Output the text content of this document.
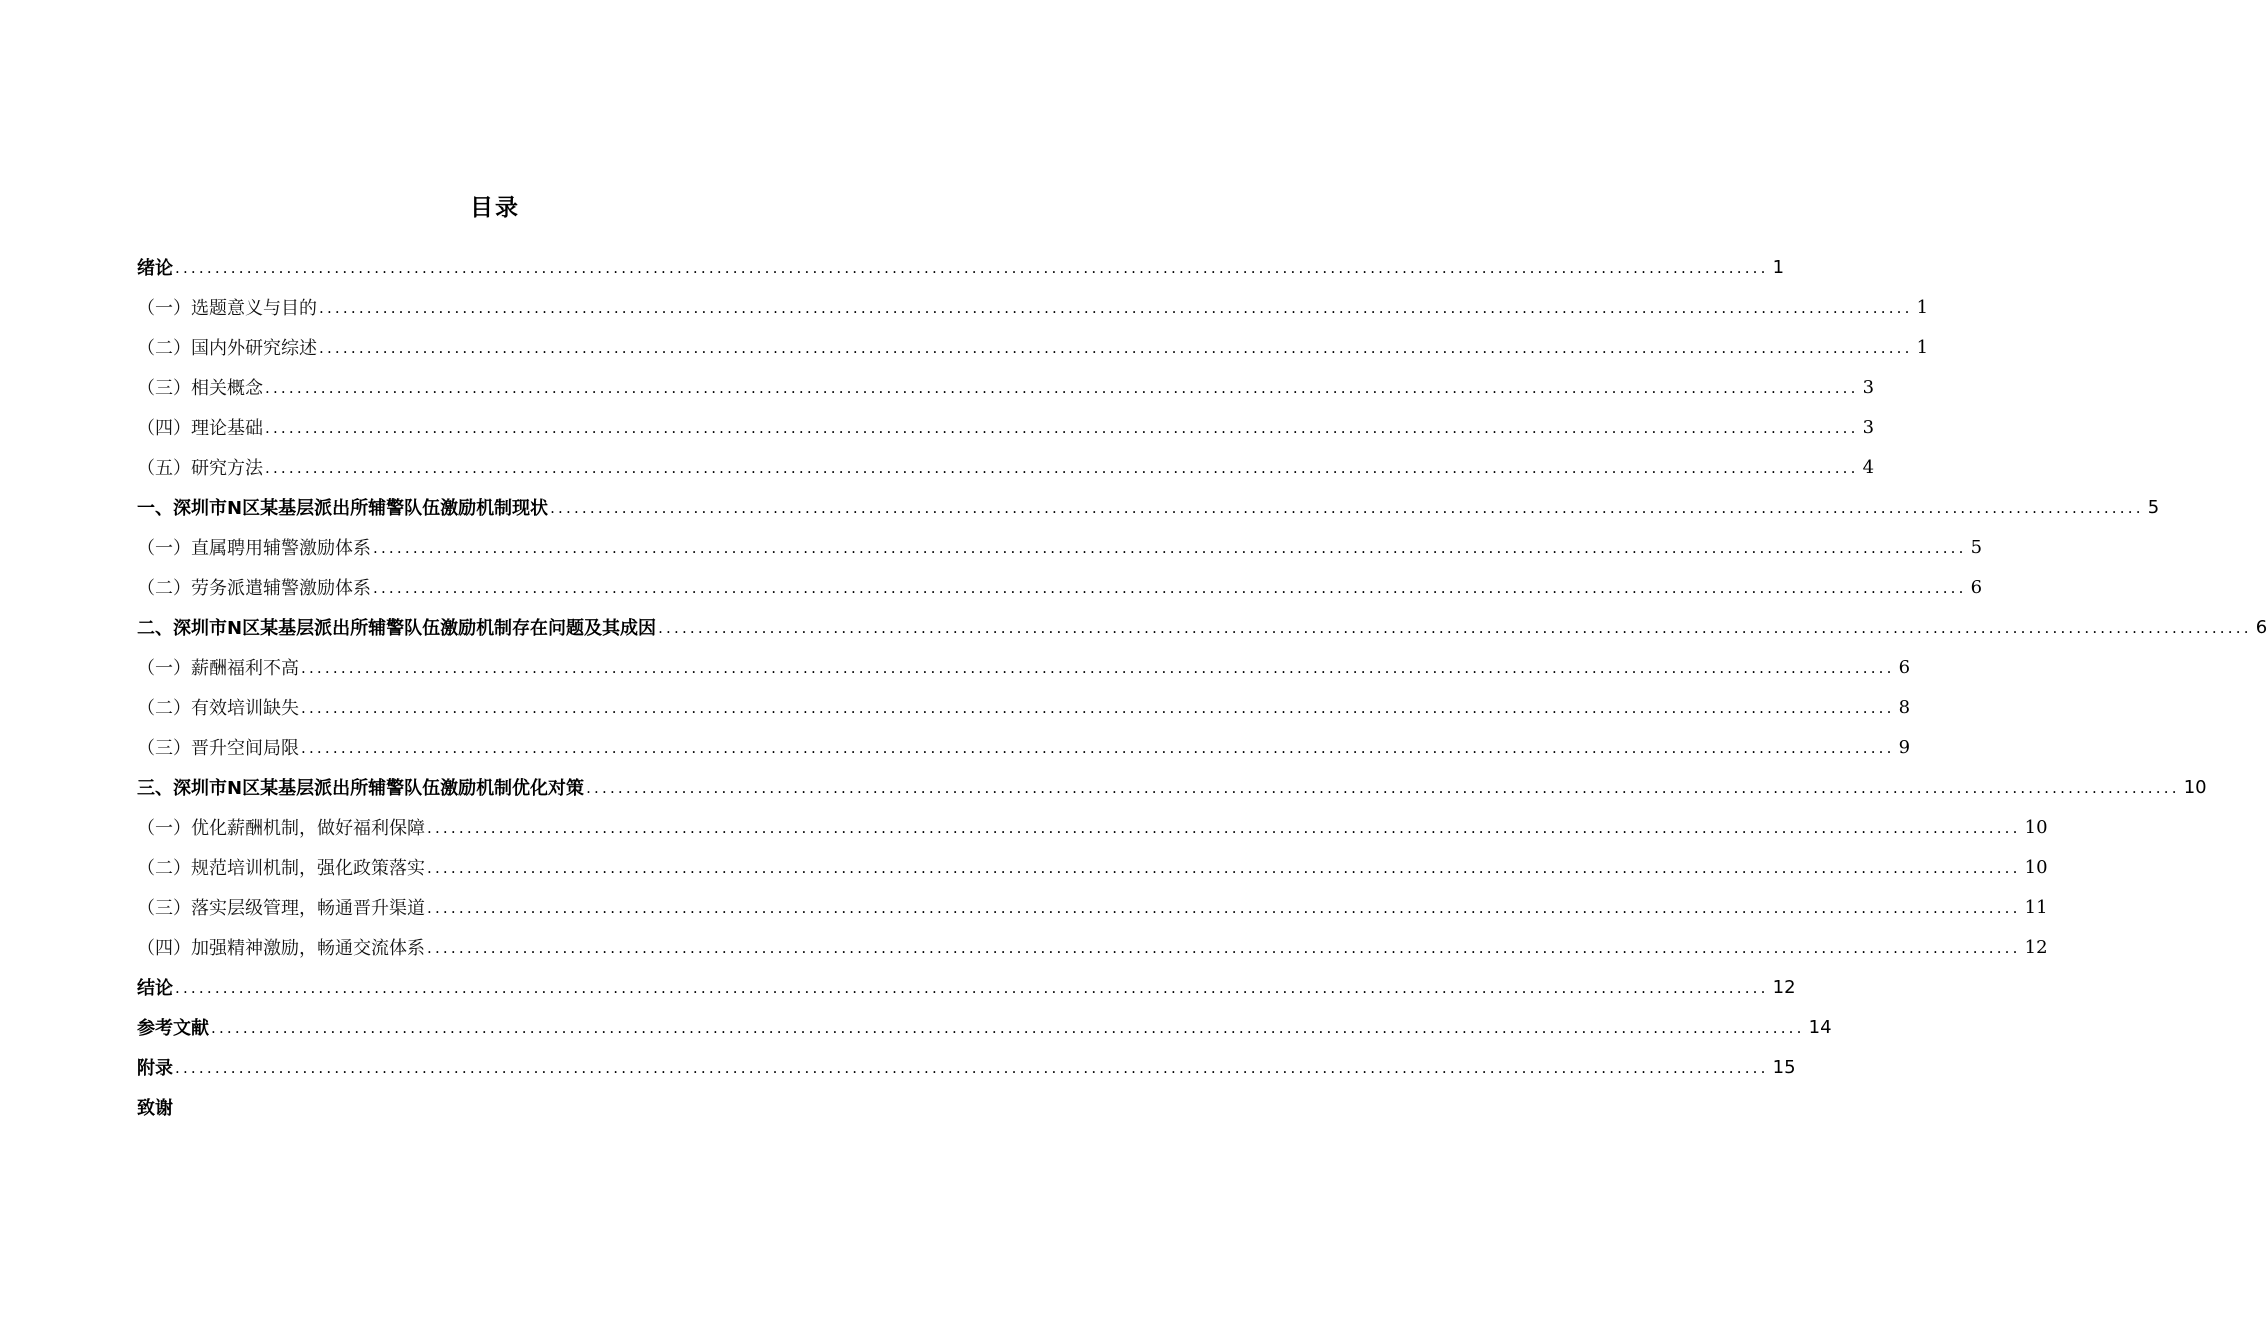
目录
绪论 ........................................................................................................................................................................................................ 1
（一）选题意义与目的 ........................................................................................................................................................................................................ 1
（二）国内外研究综述 ........................................................................................................................................................................................................ 1
（三）相关概念 ........................................................................................................................................................................................................ 3
（四）理论基础 ........................................................................................................................................................................................................ 3
（五）研究方法 ........................................................................................................................................................................................................ 4
一、深圳市N区某基层派出所辅警队伍激励机制现状 ........................................................................................................................................................................................................ 5
（一）直属聘用辅警激励体系 ........................................................................................................................................................................................................ 5
（二）劳务派遣辅警激励体系 ........................................................................................................................................................................................................ 6
二、深圳市N区某基层派出所辅警队伍激励机制存在问题及其成因 ........................................................................................................................................................................................................ 6
（一）薪酬福利不高 ........................................................................................................................................................................................................ 6
（二）有效培训缺失 ........................................................................................................................................................................................................ 8
（三）晋升空间局限 ........................................................................................................................................................................................................ 9
三、深圳市N区某基层派出所辅警队伍激励机制优化对策 ........................................................................................................................................................................................................ 10
（一）优化薪酬机制，做好福利保障 ........................................................................................................................................................................................................ 10
（二）规范培训机制，强化政策落实 ........................................................................................................................................................................................................ 10
（三）落实层级管理，畅通晋升渠道 ........................................................................................................................................................................................................ 11
（四）加强精神激励，畅通交流体系 ........................................................................................................................................................................................................ 12
结论 ........................................................................................................................................................................................................ 12
参考文献 ........................................................................................................................................................................................................ 14
附录 ........................................................................................................................................................................................................ 15
致谢
